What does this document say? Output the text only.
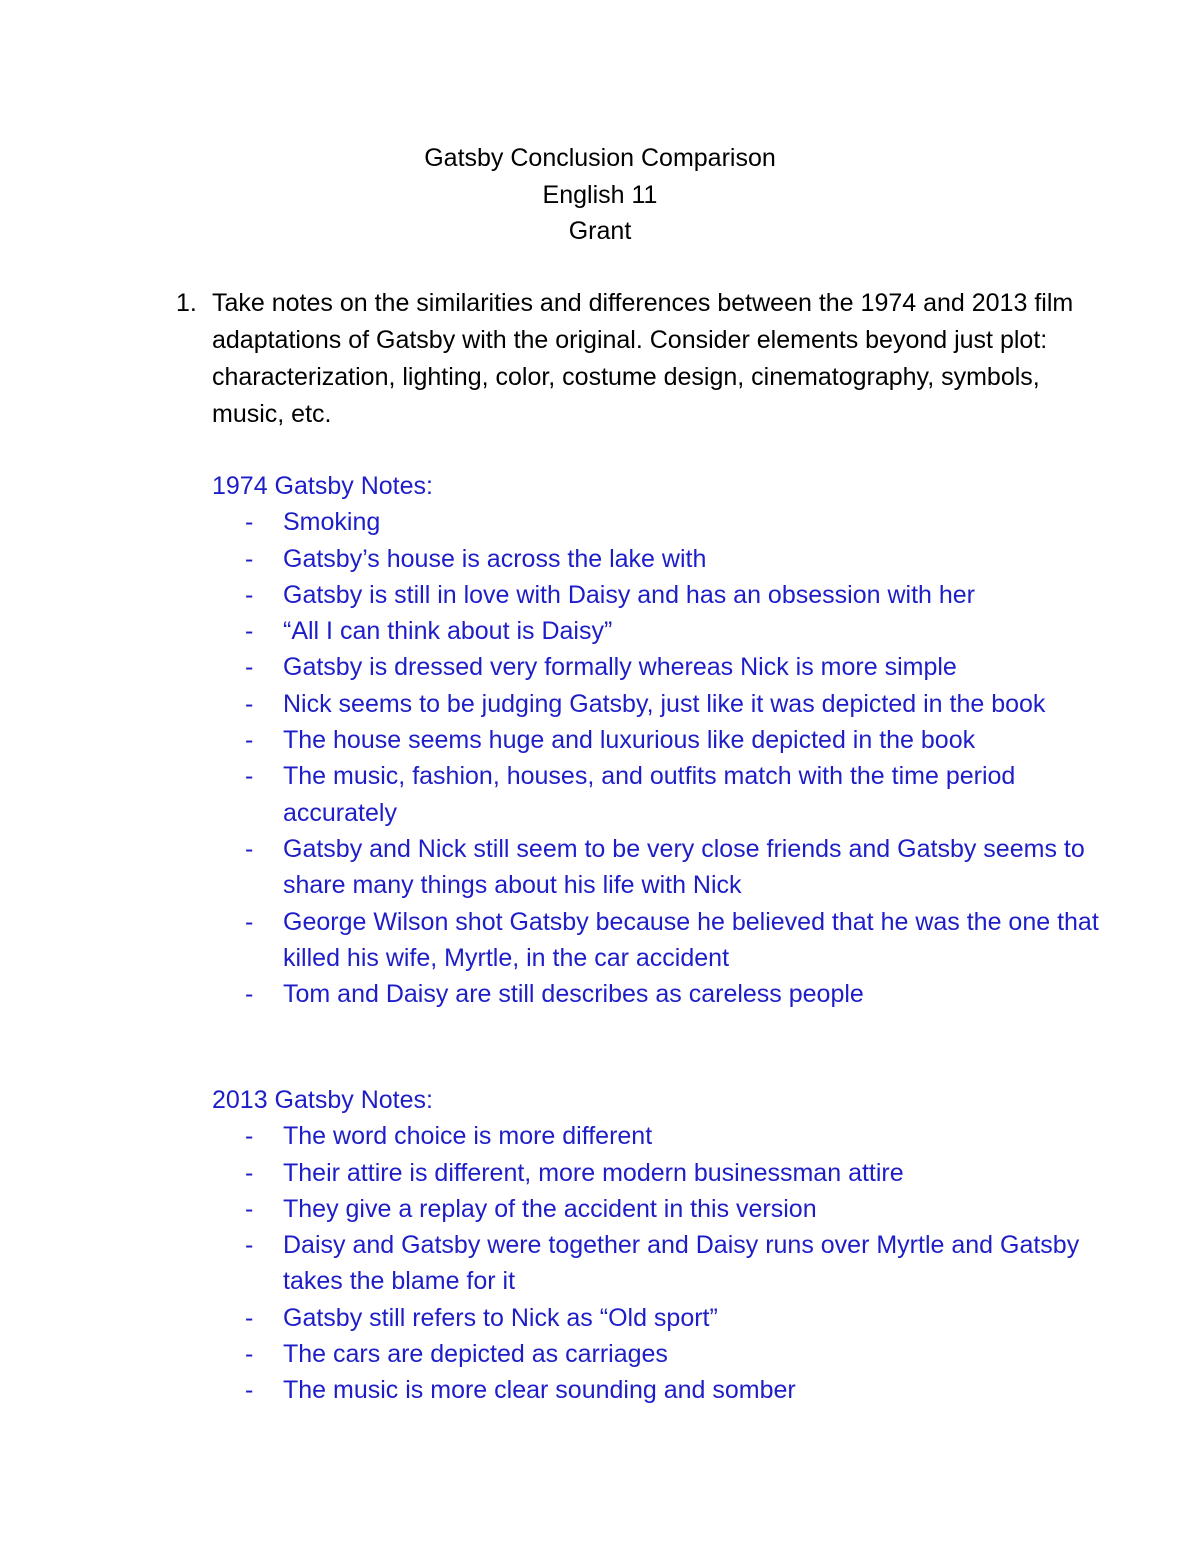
Gatsby Conclusion Comparison
English 11
Grant
1. Take notes on the similarities and differences between the 1974 and 2013 film adaptations of Gatsby with the original. Consider elements beyond just plot: characterization, lighting, color, costume design, cinematography, symbols, music, etc.
1974 Gatsby Notes:
- Smoking
- Gatsby’s house is across the lake with
- Gatsby is still in love with Daisy and has an obsession with her
- “All I can think about is Daisy”
- Gatsby is dressed very formally whereas Nick is more simple
- Nick seems to be judging Gatsby, just like it was depicted in the book
- The house seems huge and luxurious like depicted in the book
- The music, fashion, houses, and outfits match with the time period accurately
- Gatsby and Nick still seem to be very close friends and Gatsby seems to share many things about his life with Nick
- George Wilson shot Gatsby because he believed that he was the one that killed his wife, Myrtle, in the car accident
- Tom and Daisy are still describes as careless people
2013 Gatsby Notes:
- The word choice is more different
- Their attire is different, more modern businessman attire
- They give a replay of the accident in this version
- Daisy and Gatsby were together and Daisy runs over Myrtle and Gatsby takes the blame for it
- Gatsby still refers to Nick as “Old sport”
- The cars are depicted as carriages
- The music is more clear sounding and somber
